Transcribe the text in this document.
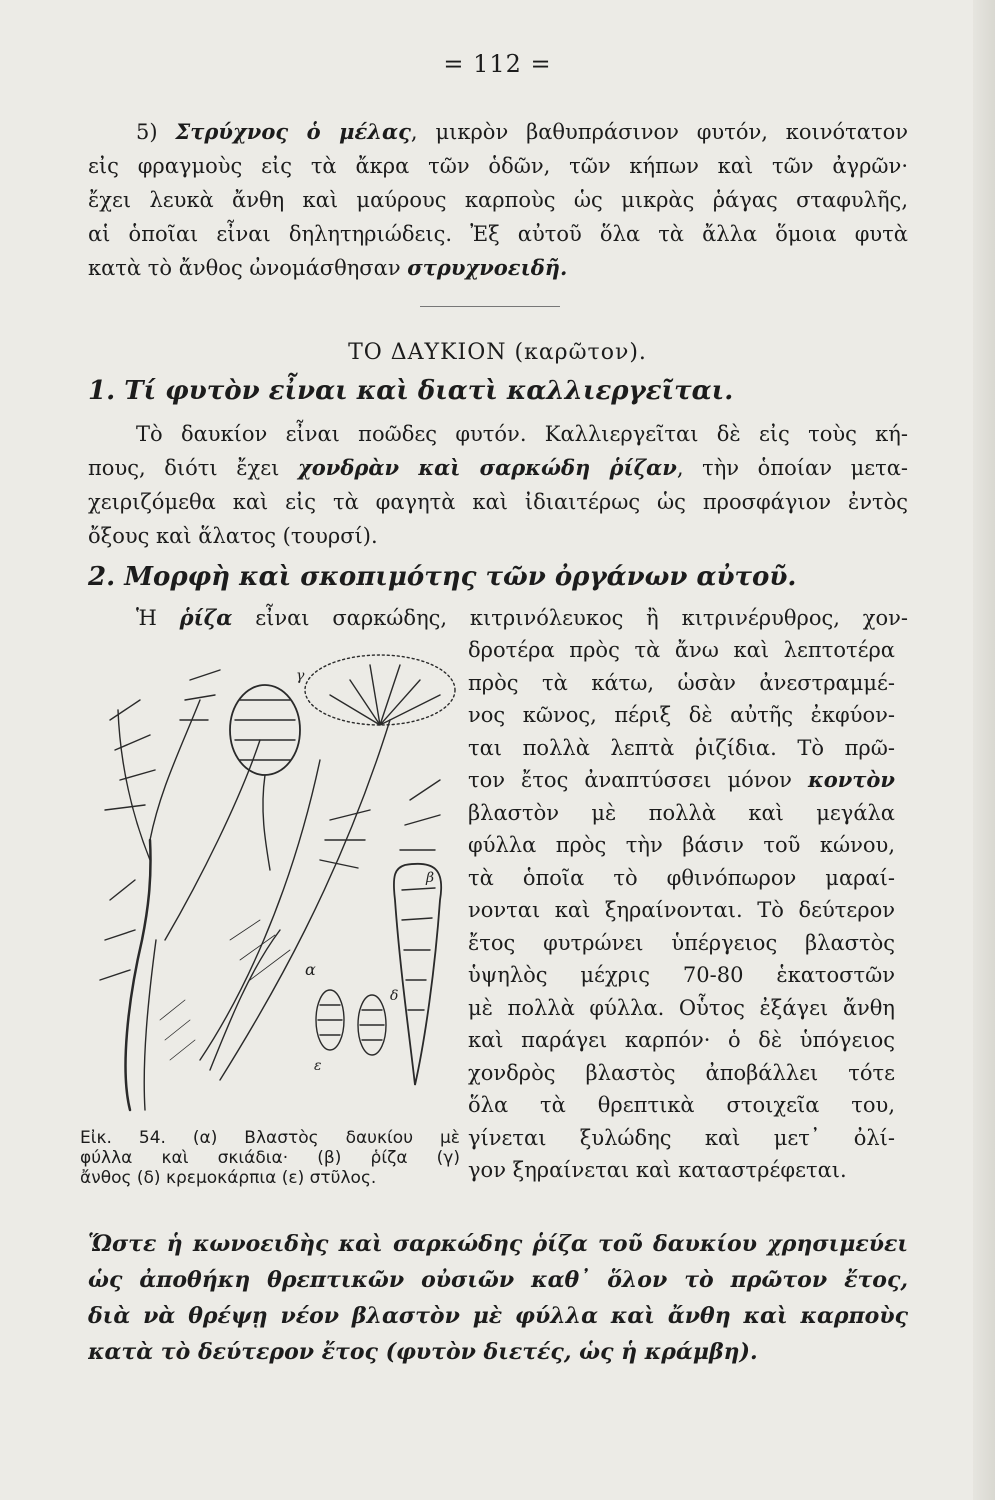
= 112 =
5) Στρύχνος ὁ μέλας, μικρὸν βαθυπράσινον φυτόν, κοινότατον
εἰς φραγμοὺς εἰς τὰ ἄκρα τῶν ὁδῶν, τῶν κήπων καὶ τῶν ἀγρῶν·
ἔχει λευκὰ ἄνθη καὶ μαύρους καρποὺς ὡς μικρὰς ῥάγας σταφυλῆς,
αἱ ὁποῖαι εἶναι δηλητηριώδεις. Ἐξ αὐτοῦ ὅλα τὰ ἄλλα ὅμοια φυτὰ
κατὰ τὸ ἄνθος ὠνομάσθησαν στρυχνοειδῆ.
ΤΟ ΔΑΥΚΙΟΝ (καρῶτον).
1. Τί φυτὸν εἶναι καὶ διατὶ καλλιεργεῖται.
Τὸ δαυκίον εἶναι ποῶδες φυτόν. Καλλιεργεῖται δὲ εἰς τοὺς κή-
πους, διότι ἔχει χονδρὰν καὶ σαρκώδη ῥίζαν, τὴν ὁποίαν μετα-
χειριζόμεθα καὶ εἰς τὰ φαγητὰ καὶ ἰδιαιτέρως ὡς προσφάγιον ἐντὸς
ὄξους καὶ ἅλατος (τουρσί).
2. Μορφὴ καὶ σκοπιμότης τῶν ὀργάνων αὐτοῦ.
Ἡ ῥίζα εἶναι σαρκώδης, κιτρινόλευκος ἢ κιτρινέρυθρος, χον-
δροτέρα πρὸς τὰ ἄνω καὶ λεπτοτέρα
πρὸς τὰ κάτω, ὡσὰν ἀνεστραμμέ-
νος κῶνος, πέριξ δὲ αὐτῆς ἐκφύον-
ται πολλὰ λεπτὰ ῥιζίδια. Τὸ πρῶ-
τον ἔτος ἀναπτύσσει μόνον κοντὸν
βλαστὸν μὲ πολλὰ καὶ μεγάλα
φύλλα πρὸς τὴν βάσιν τοῦ κώνου,
τὰ ὁποῖα τὸ φθινόπωρον μαραί-
νονται καὶ ξηραίνονται. Τὸ δεύτερον
ἔτος φυτρώνει ὑπέργειος βλαστὸς
ὑψηλὸς μέχρις 70-80 ἑκατοστῶν
μὲ πολλὰ φύλλα. Οὗτος ἐξάγει ἄνθη
καὶ παράγει καρπόν· ὁ δὲ ὑπόγειος
χονδρὸς βλαστὸς ἀποβάλλει τότε
ὅλα τὰ θρεπτικὰ στοιχεῖα του,
γίνεται ξυλώδης καὶ μετ᾽ ὀλί-
γον ξηραίνεται καὶ καταστρέφεται.
α
β
γ
δ
ε
Εἰκ. 54. (α) Βλαστὸς δαυκίου μὲ
φύλλα καὶ σκιάδια· (β) ῥίζα (γ)
ἄνθος (δ) κρεμοκάρπια (ε) στῦλος.
Ὥστε ἡ κωνοειδὴς καὶ σαρκώδης ῥίζα τοῦ δαυκίου χρησιμεύει
ὡς ἀποθήκη θρεπτικῶν οὐσιῶν καθ᾽ ὅλον τὸ πρῶτον ἔτος,
διὰ νὰ θρέψῃ νέον βλαστὸν μὲ φύλλα καὶ ἄνθη καὶ καρποὺς
κατὰ τὸ δεύτερον ἔτος (φυτὸν διετές, ὡς ἡ κράμβη).
